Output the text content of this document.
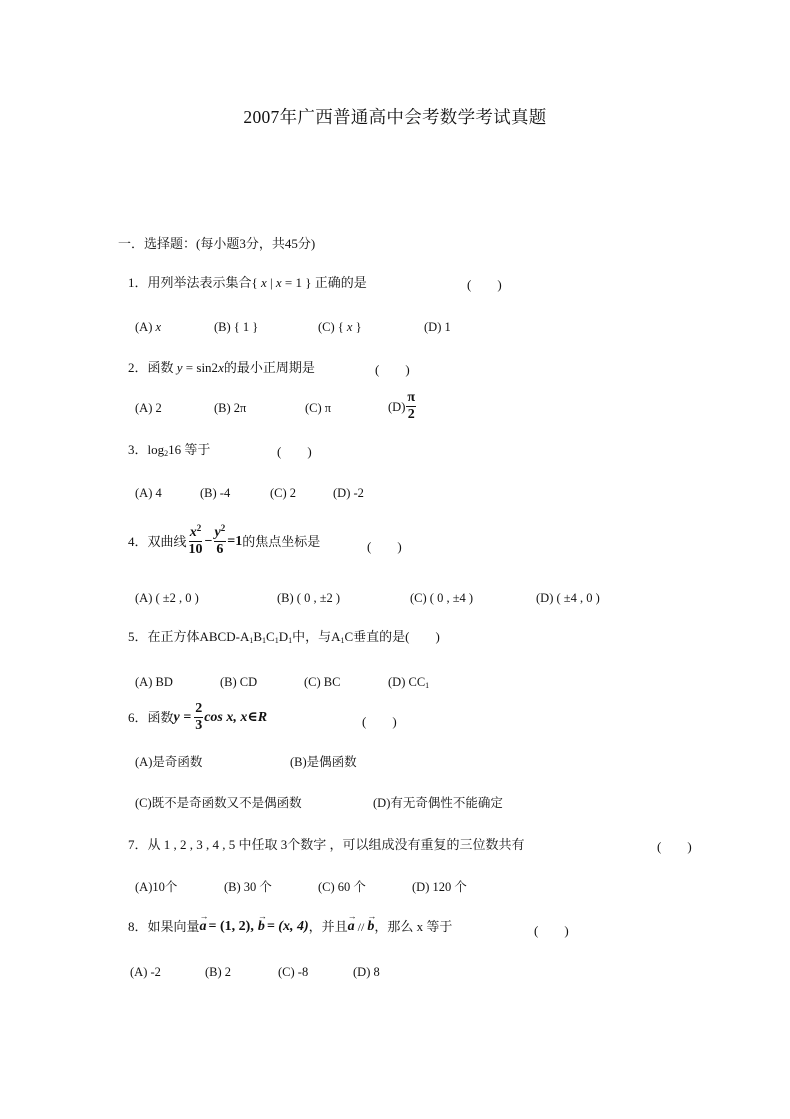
2007年广西普通高中会考数学考试真题
一．选择题：(每小题3分，共45分)
1．用列举法表示集合{ x | x = 1 } 正确的是	(　　)
(A) x	(B) { 1 }	(C) { x }	(D) 1
2．函数 y = sin2x的最小正周期是	(　　)
(A) 2	(B) 2π	(C) π	$(D) \frac{\pi}{2}$
3．$\log_216$ 等于	(　　)
(A) 4	(B) -4	(C) 2	(D) -2
4．双曲线 $\frac{x^2}{10} - \frac{y^2}{6} =1$ 的焦点坐标是	(　　)
(A) ( ±2 , 0 )	(B) ( 0 , ±2 )	(C) ( 0 , ±4 )	(D) ( ±4 , 0 )
5．在正方体ABCD-$A_1B_1C_1D_1$中，与$A_1C$垂直的是(　　)
(A) BD	(B) CD	(C) BC	(D) $CC_1$
6．函数 $y = \frac{2}{3}$ cos x, x∈R	(　　)
(A)是奇函数	(B)是偶函数
(C)既不是奇函数又不是偶函数	(D)有无奇偶性不能确定
7．从 1 , 2 , 3 , 4 , 5 中任取 3个数字 ，可以组成没有重复的三位数共有	(　　)
(A)10个	(B) 30 个	(C) 60 个	(D) 120 个
8．如果向量
→
a = (1, 2),
→
b = (x, 4) ，并且
→
a //
→
b ，那么 x 等于	(　　)
(A) -2	(B) 2	(C) -8	(D) 8
